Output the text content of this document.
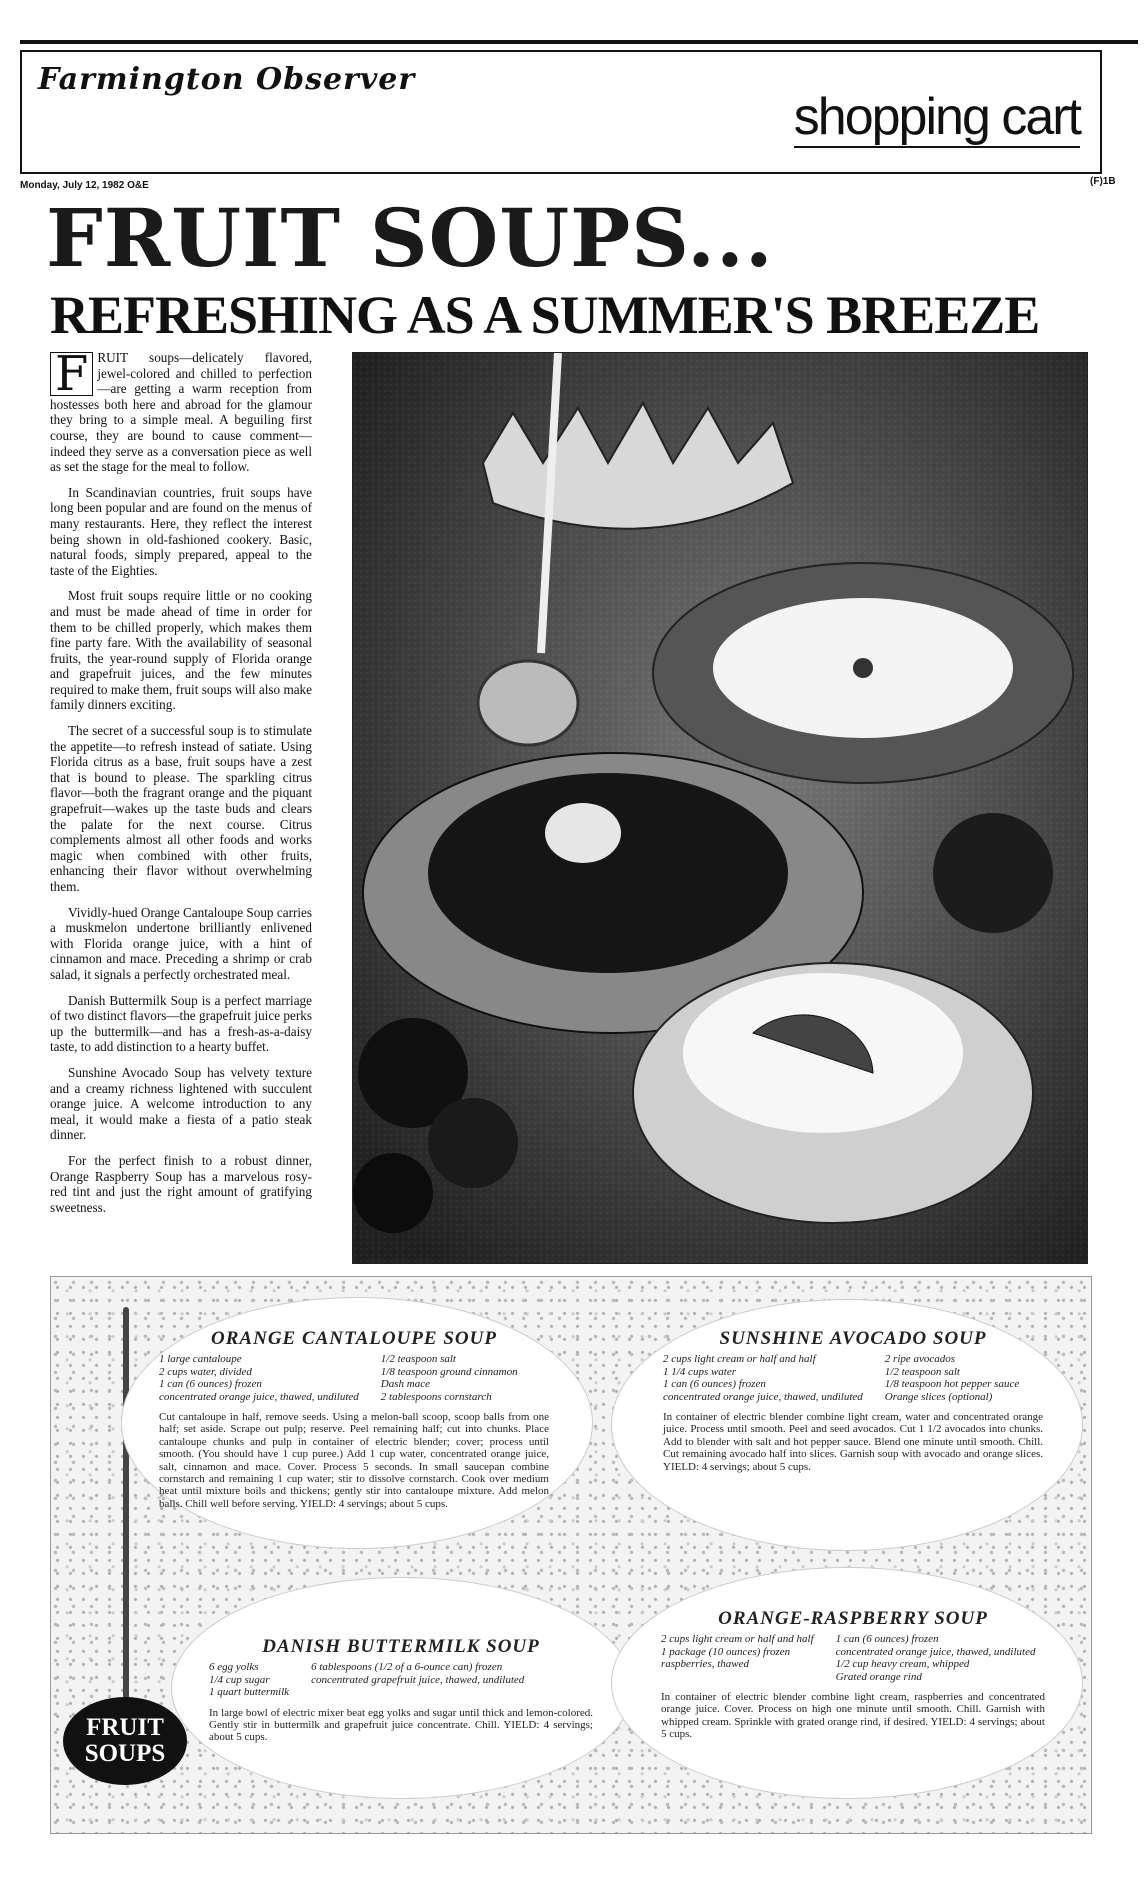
Farmington Observer
shopping cart
Monday, July 12, 1982 O&E	(F)1B
FRUIT SOUPS...
REFRESHING AS A SUMMER'S BREEZE

F RUIT soups—delicately flavored, jewel-colored and chilled to perfection—are getting a warm reception from hostesses both here and abroad for the glamour they bring to a simple meal. A beguiling first course, they are bound to cause comment—indeed they serve as a conversation piece as well as set the stage for the meal to follow.

In Scandinavian countries, fruit soups have long been popular and are found on the menus of many restaurants. Here, they reflect the interest being shown in old-fashioned cookery. Basic, natural foods, simply prepared, appeal to the taste of the Eighties.

Most fruit soups require little or no cooking and must be made ahead of time in order for them to be chilled properly, which makes them fine party fare. With the availability of seasonal fruits, the year-round supply of Florida orange and grapefruit juices, and the few minutes required to make them, fruit soups will also make family dinners exciting.

The secret of a successful soup is to stimulate the appetite—to refresh instead of satiate. Using Florida citrus as a base, fruit soups have a zest that is bound to please. The sparkling citrus flavor—both the fragrant orange and the piquant grapefruit—wakes up the taste buds and clears the palate for the next course. Citrus complements almost all other foods and works magic when combined with other fruits, enhancing their flavor without overwhelming them.

Vividly-hued Orange Cantaloupe Soup carries a muskmelon undertone brilliantly enlivened with Florida orange juice, with a hint of cinnamon and mace. Preceding a shrimp or crab salad, it signals a perfectly orchestrated meal.

Danish Buttermilk Soup is a perfect marriage of two distinct flavors—the grapefruit juice perks up the buttermilk—and has a fresh-as-a-daisy taste, to add distinction to a hearty buffet.

Sunshine Avocado Soup has velvety texture and a creamy richness lightened with succulent orange juice. A welcome introduction to any meal, it would make a fiesta of a patio steak dinner.

For the perfect finish to a robust dinner, Orange Raspberry Soup has a marvelous rosy-red tint and just the right amount of gratifying sweetness.

ORANGE CANTALOUPE SOUP
1 large cantaloupe
2 cups water, divided
1 can (6 ounces) frozen
concentrated orange juice, thawed, undiluted
1/2 teaspoon salt
1/8 teaspoon ground cinnamon
Dash mace
2 tablespoons cornstarch

Cut cantaloupe in half, remove seeds. Using a melon-ball scoop, scoop balls from one half; set aside. Scrape out pulp; reserve. Peel remaining half; cut into chunks. Place cantaloupe chunks and pulp in container of electric blender; cover; process until smooth. (You should have 1 cup puree.) Add 1 cup water, concentrated orange juice, salt, cinnamon and mace. Cover. Process 5 seconds. In small saucepan combine cornstarch and remaining 1 cup water; stir to dissolve cornstarch. Cook over medium heat until mixture boils and thickens; gently stir into cantaloupe mixture. Add melon balls. Chill well before serving. YIELD: 4 servings; about 5 cups.

SUNSHINE AVOCADO SOUP
2 cups light cream or half and half
1 1/4 cups water
1 can (6 ounces) frozen
concentrated orange juice, thawed, undiluted
2 ripe avocados
1/2 teaspoon salt
1/8 teaspoon hot pepper sauce
Orange slices (optional)

In container of electric blender combine light cream, water and concentrated orange juice. Process until smooth. Peel and seed avocados. Cut 1 1/2 avocados into chunks. Add to blender with salt and hot pepper sauce. Blend one minute until smooth. Chill. Cut remaining avocado half into slices. Garnish soup with avocado and orange slices. YIELD: 4 servings; about 5 cups.

DANISH BUTTERMILK SOUP
6 egg yolks
1/4 cup sugar
1 quart buttermilk
6 tablespoons (1/2 of a 6-ounce can) frozen
concentrated grapefruit juice, thawed, undiluted

In large bowl of electric mixer beat egg yolks and sugar until thick and lemon-colored. Gently stir in buttermilk and grapefruit juice concentrate. Chill. YIELD: 4 servings; about 5 cups.

ORANGE-RASPBERRY SOUP
2 cups light cream or half and half
1 package (10 ounces) frozen
raspberries, thawed
1 can (6 ounces) frozen
concentrated orange juice, thawed, undiluted
1/2 cup heavy cream, whipped
Grated orange rind

In container of electric blender combine light cream, raspberries and concentrated orange juice. Cover. Process on high one minute until smooth. Chill. Garnish with whipped cream. Sprinkle with grated orange rind, if desired. YIELD: 4 servings; about 5 cups.

FRUIT
SOUPS
